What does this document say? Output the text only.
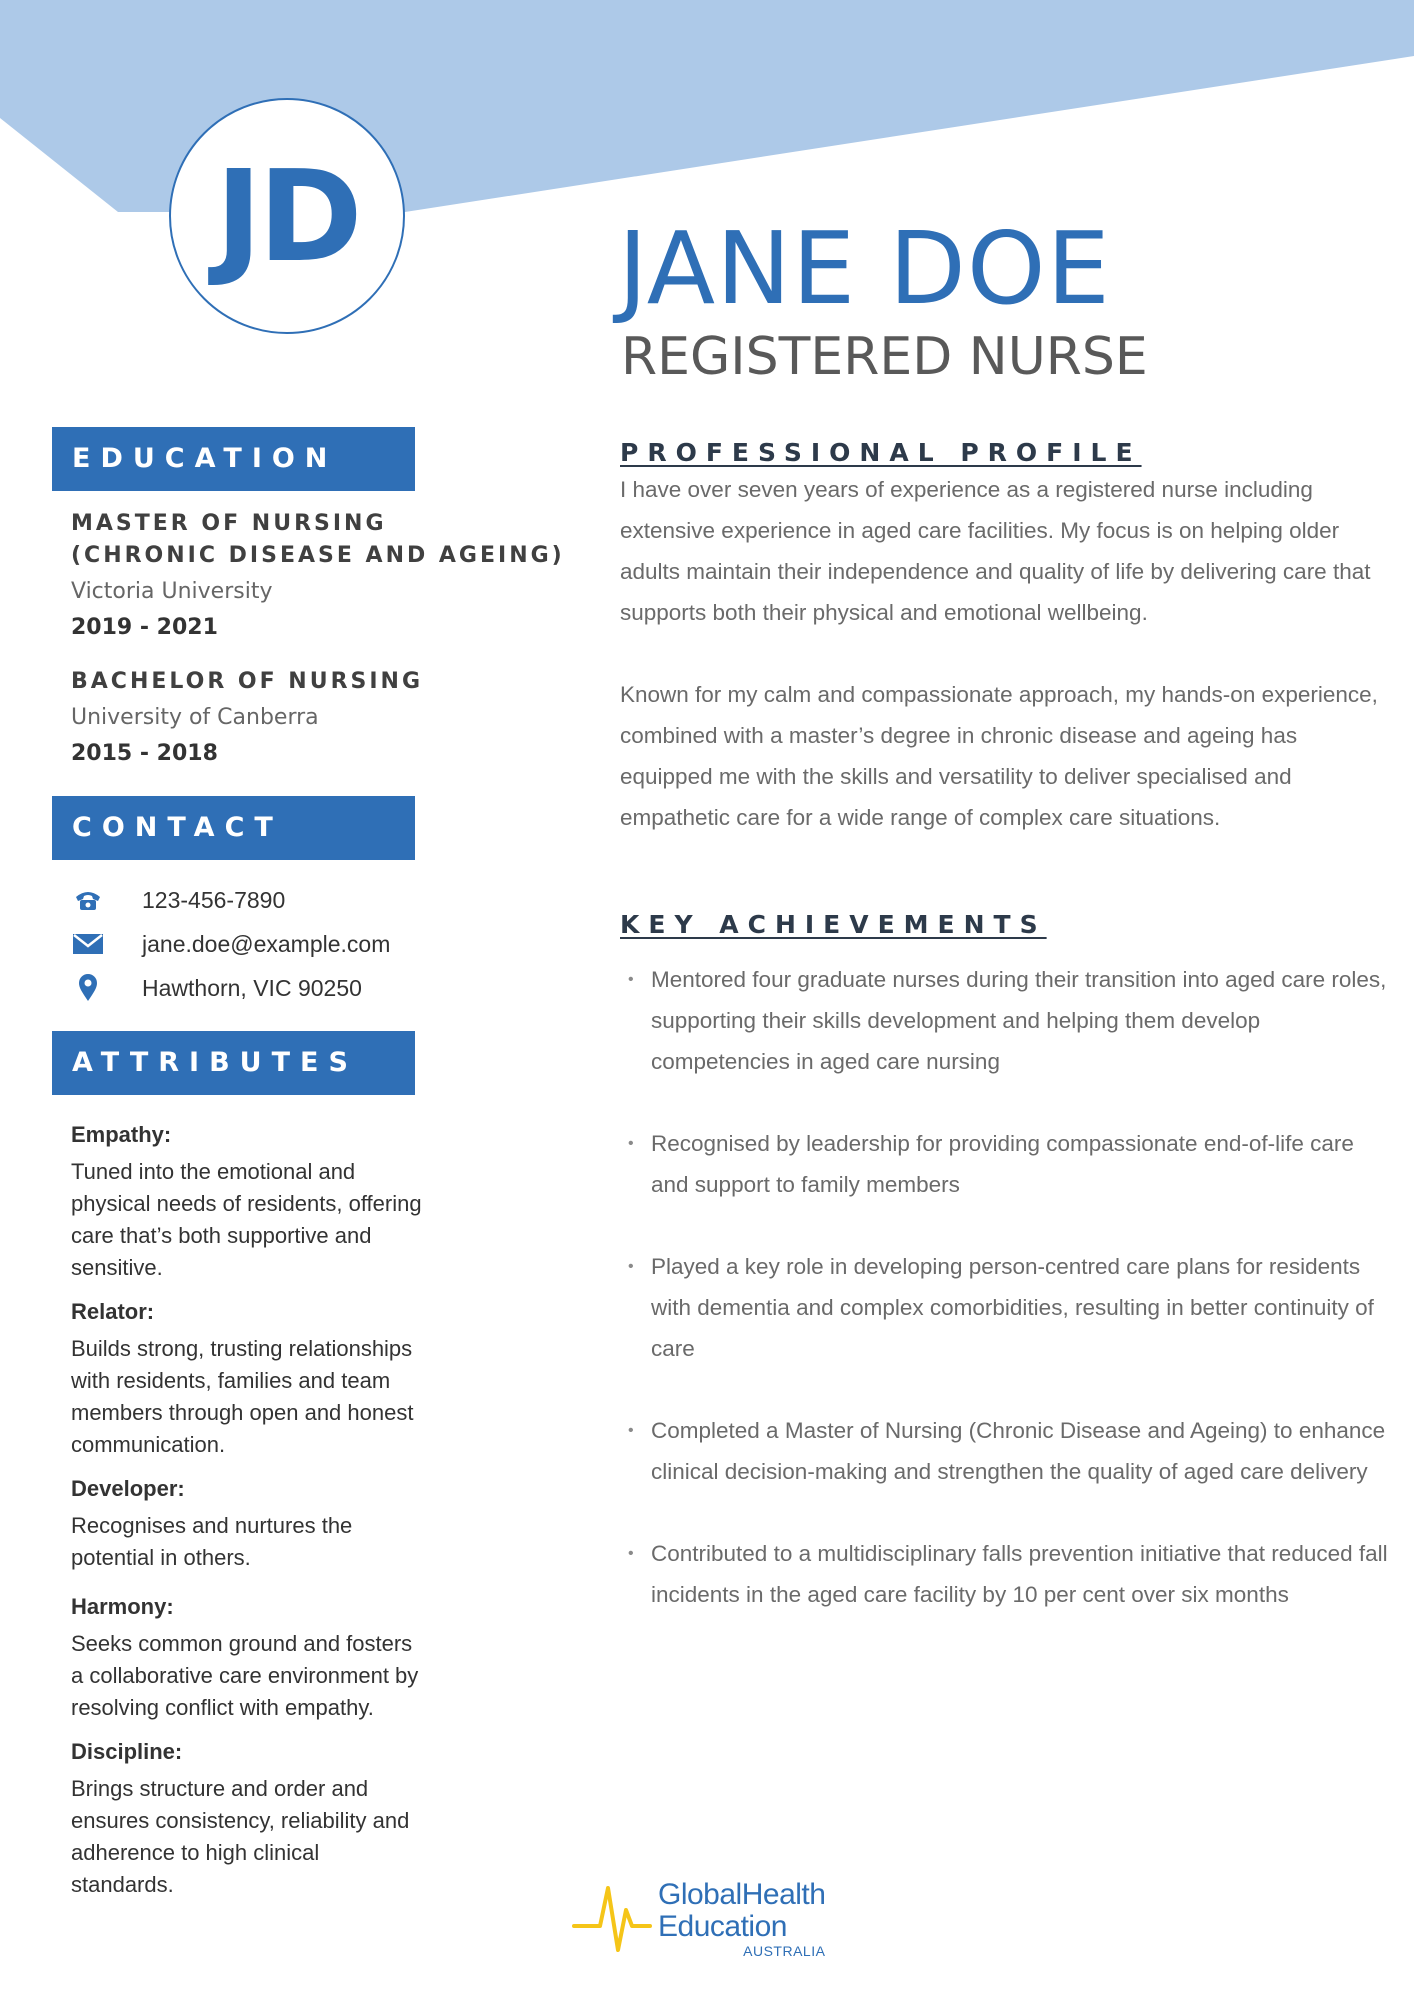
JD	JANE DOE
REGISTERED NURSE
EDUCATION
MASTER OF NURSING
(CHRONIC DISEASE AND AGEING)
Victoria University
2019 - 2021
BACHELOR OF NURSING
University of Canberra
2015 - 2018
CONTACT
123-456-7890
jane.doe@example.com
Hawthorn, VIC 90250
ATTRIBUTES
Empathy:
Tuned into the emotional and physical needs of residents, offering care that’s both supportive and sensitive.
Relator:
Builds strong, trusting relationships with residents, families and team members through open and honest communication.
Developer:
Recognises and nurtures the potential in others.
Harmony:
Seeks common ground and fosters a collaborative care environment by resolving conflict with empathy.
Discipline:
Brings structure and order and ensures consistency, reliability and adherence to high clinical standards.
PROFESSIONAL PROFILE

I have over seven years of experience as a registered nurse including extensive experience in aged care facilities. My focus is on helping older adults maintain their independence and quality of life by delivering care that supports both their physical and emotional wellbeing.

Known for my calm and compassionate approach, my hands-on experience, combined with a master’s degree in chronic disease and ageing has equipped me with the skills and versatility to deliver specialised and empathetic care for a wide range of complex care situations.

KEY ACHIEVEMENTS
• Mentored four graduate nurses during their transition into aged care roles, supporting their skills development and helping them develop competencies in aged care nursing
• Recognised by leadership for providing compassionate end-of-life care and support to family members
• Played a key role in developing person-centred care plans for residents with dementia and complex comorbidities, resulting in better continuity of care
• Completed a Master of Nursing (Chronic Disease and Ageing) to enhance clinical decision-making and strengthen the quality of aged care delivery
• Contributed to a multidisciplinary falls prevention initiative that reduced fall incidents in the aged care facility by 10 per cent over six months
GlobalHealth
Education
AUSTRALIA
